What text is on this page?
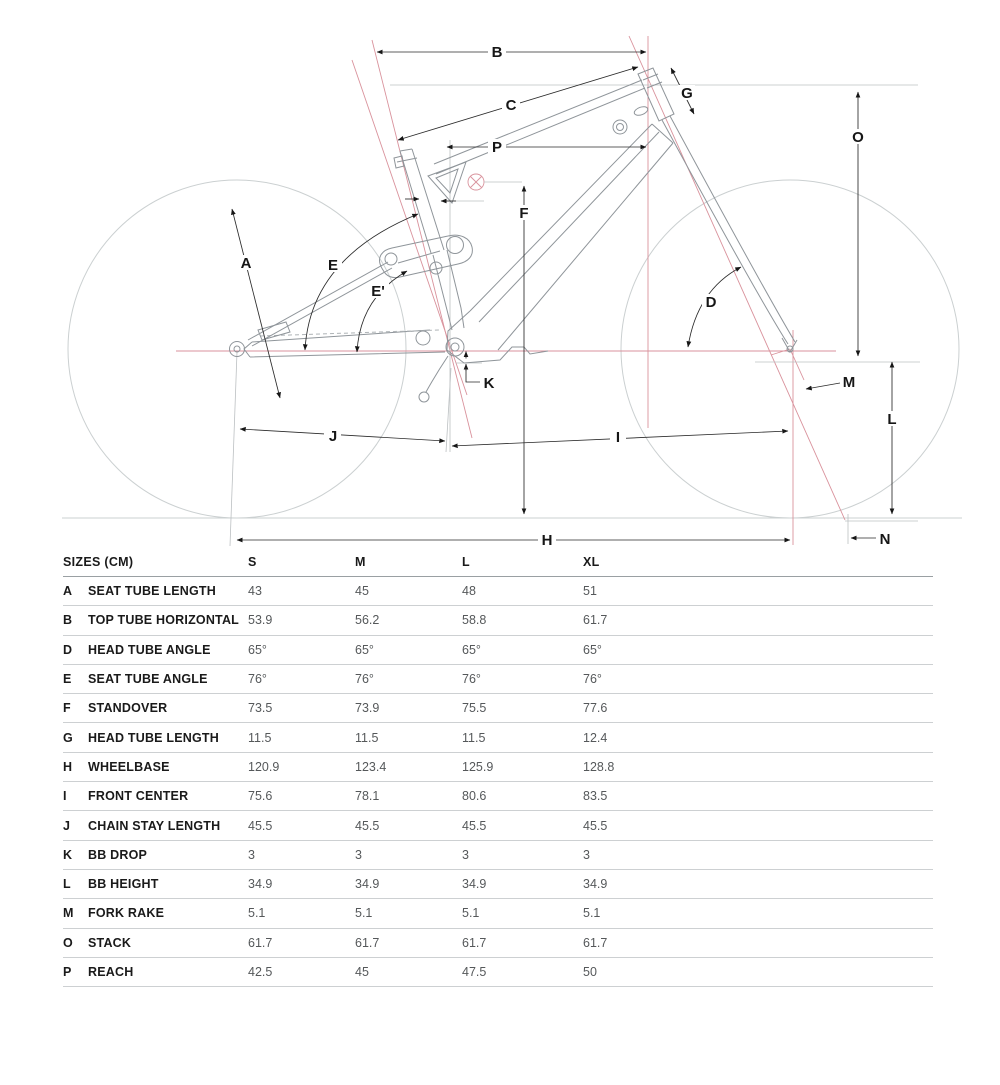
B
C
P
G
O
F
A	E
E'
D
M
K
J	I
H
L
N
SIZES (CM)	S	M	L	XL
A	SEAT TUBE LENGTH	43	45	48	51
B	TOP TUBE HORIZONTAL 53.9	56.2	58.8	61.7
D	HEAD TUBE ANGLE	65°	65°	65°	65°
E	SEAT TUBE ANGLE	76°	76°	76°	76°
F	STANDOVER	73.5	73.9	75.5	77.6
G	HEAD TUBE LENGTH	11.5	11.5	11.5	12.4
H	WHEELBASE	120.9	123.4	125.9	128.8
I	FRONT CENTER	75.6	78.1	80.6	83.5
J	CHAIN STAY LENGTH	45.5	45.5	45.5	45.5
K	BB DROP	3	3	3	3
L	BB HEIGHT	34.9	34.9	34.9	34.9
M	FORK RAKE	5.1	5.1	5.1	5.1
O	STACK	61.7	61.7	61.7	61.7
P	REACH	42.5	45	47.5	50
